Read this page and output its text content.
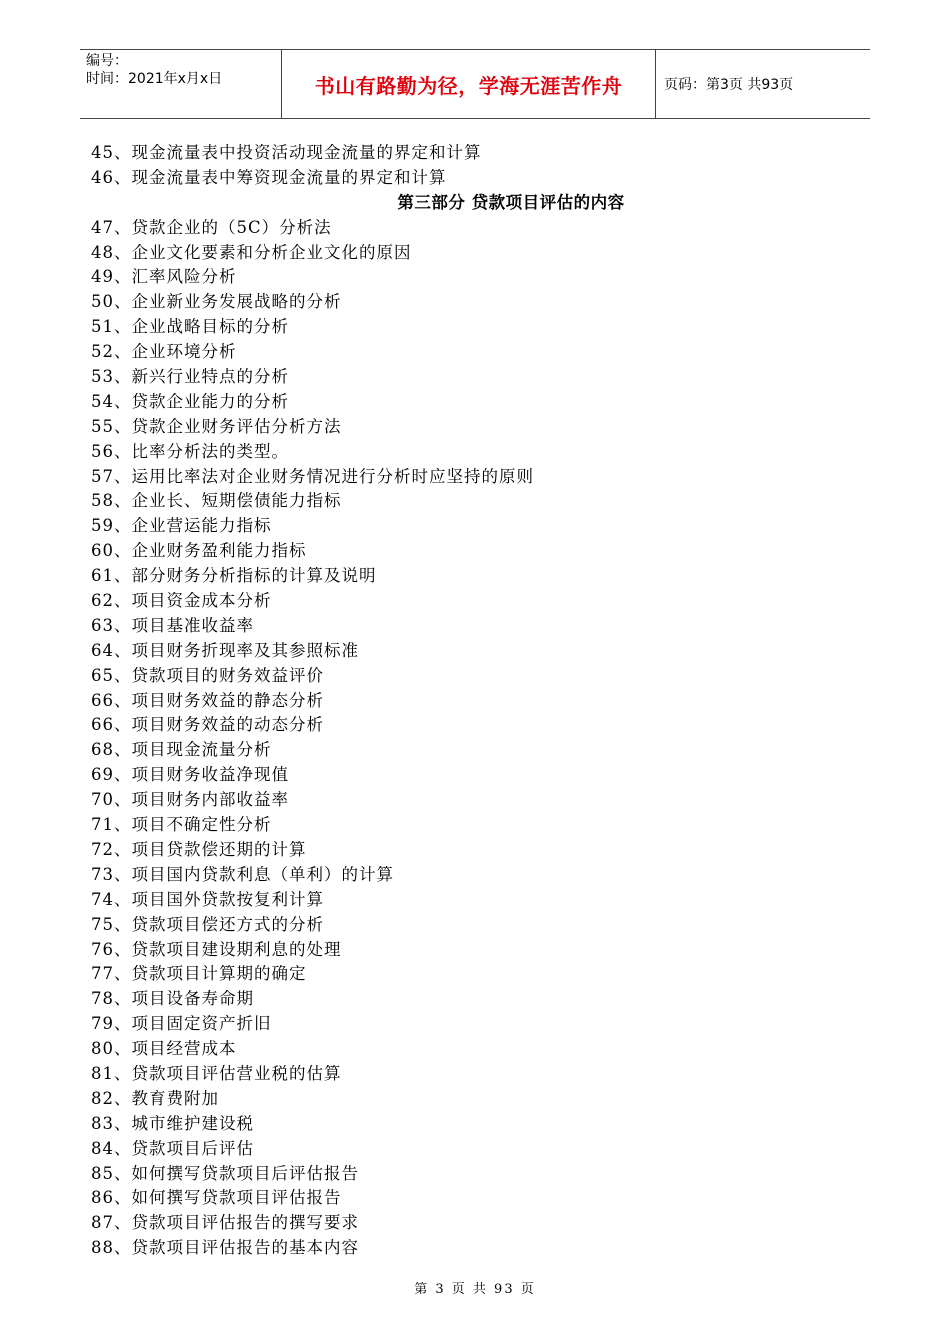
编号：
时间：2021年x月x日	书山有路勤为径，学海无涯苦作舟	页码：第3页 共93页
45、现金流量表中投资活动现金流量的界定和计算
46、现金流量表中筹资现金流量的界定和计算
第三部分 贷款项目评估的内容
47、贷款企业的（5C）分析法
48、企业文化要素和分析企业文化的原因
49、汇率风险分析
50、企业新业务发展战略的分析
51、企业战略目标的分析
52、企业环境分析
53、新兴行业特点的分析
54、贷款企业能力的分析
55、贷款企业财务评估分析方法
56、比率分析法的类型。
57、运用比率法对企业财务情况进行分析时应坚持的原则
58、企业长、短期偿债能力指标
59、企业营运能力指标
60、企业财务盈利能力指标
61、部分财务分析指标的计算及说明
62、项目资金成本分析
63、项目基准收益率
64、项目财务折现率及其参照标准
65、贷款项目的财务效益评价
66、项目财务效益的静态分析
66、项目财务效益的动态分析
68、项目现金流量分析
69、项目财务收益净现值
70、项目财务内部收益率
71、项目不确定性分析
72、项目贷款偿还期的计算
73、项目国内贷款利息（单利）的计算
74、项目国外贷款按复利计算
75、贷款项目偿还方式的分析
76、贷款项目建设期利息的处理
77、贷款项目计算期的确定
78、项目设备寿命期
79、项目固定资产折旧
80、项目经营成本
81、贷款项目评估营业税的估算
82、教育费附加
83、城市维护建设税
84、贷款项目后评估
85、如何撰写贷款项目后评估报告
86、如何撰写贷款项目评估报告
87、贷款项目评估报告的撰写要求
88、贷款项目评估报告的基本内容
第 3 页 共 93 页
